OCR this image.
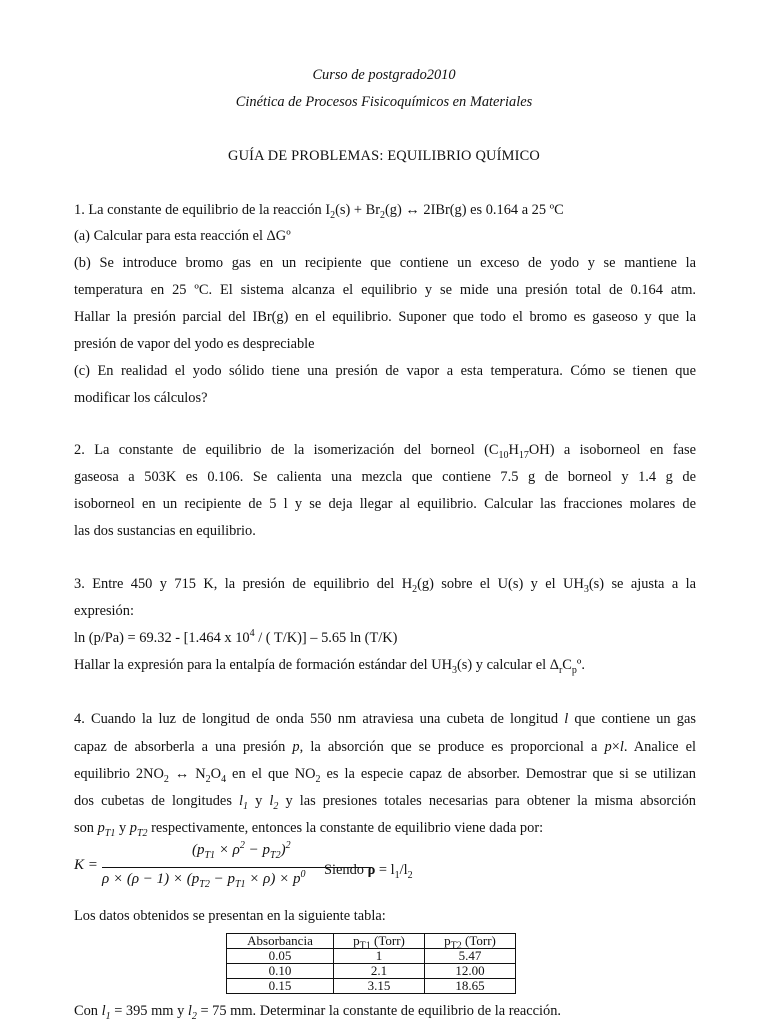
Curso de postgrado2010
Cinética de Procesos Fisicoquímicos en Materiales
GUÍA DE PROBLEMAS: EQUILIBRIO QUÍMICO
1. La constante de equilibrio de la reacción $I_2(s) + Br_2(g)$ ↔ 2IBr(g) es 0.164 a 25 ºC
(a) Calcular para esta reacción el ΔGº
(b) Se introduce bromo gas en un recipiente que contiene un exceso de yodo y se mantiene la
temperatura en 25 ºC. El sistema alcanza el equilibrio y se mide una presión total de 0.164 atm.
Hallar la presión parcial del IBr(g) en el equilibrio. Suponer que todo el bromo es gaseoso y que la
presión de vapor del yodo es despreciable
(c) En realidad el yodo sólido tiene una presión de vapor a esta temperatura. Cómo se tienen que
modificar los cálculos?
2. La constante de equilibrio de la isomerización del borneol $(C_{10}H_{17}OH)$ a isoborneol en fase
gaseosa a 503K es 0.106. Se calienta una mezcla que contiene 7.5 g de borneol y 1.4 g de
isoborneol en un recipiente de 5 l y se deja llegar al equilibrio. Calcular las fracciones molares de
las dos sustancias en equilibrio.
3. Entre 450 y 715 K, la presión de equilibrio del $H_2(g)$ sobre el U(s) y el $UH_3(s)$ se ajusta a la
expresión:
ln (p/Pa) = 69.32 - [1.464 x $10^4$ / ( T/K)] – 5.65 ln (T/K)
Hallar la expresión para la entalpía de formación estándar del $UH_3(s)$ y calcular el $\Delta_rC_pº$.
4. Cuando la luz de longitud de onda 550 nm atraviesa una cubeta de longitud l que contiene un gas
capaz de absorberla a una presión p, la absorción que se produce es proporcional a p×l. Analice el
equilibrio $2NO_2$ ↔ $N_2O_4$ en el que $NO_2$ es la especie capaz de absorber. Demostrar que si se utilizan
dos cubetas de longitudes $l_1$ y $l_2$ y las presiones totales necesarias para obtener la misma absorción
son $p_{T1}$ y $p_{T2}$ respectivamente, entonces la constante de equilibrio viene dada por:
K =
$(p_{T1} \times \rho^2 - p_{T2})^2$
$\rho \times (\rho - 1) \times (p_{T2} - p_{T1} \times \rho) \times p^0$ Siendo $\rho = l_1/l_2$
Los datos obtenidos se presentan en la siguiente tabla:
Absorbancia	$p_{T1}$ (Torr)	$p_{T2}$ (Torr)
0.05	1	5.47
0.10	2.1	12.00
0.15	3.15	18.65
Con $l_1 = 395$ mm y $l_2 = 75$ mm. Determinar la constante de equilibrio de la reacción.
